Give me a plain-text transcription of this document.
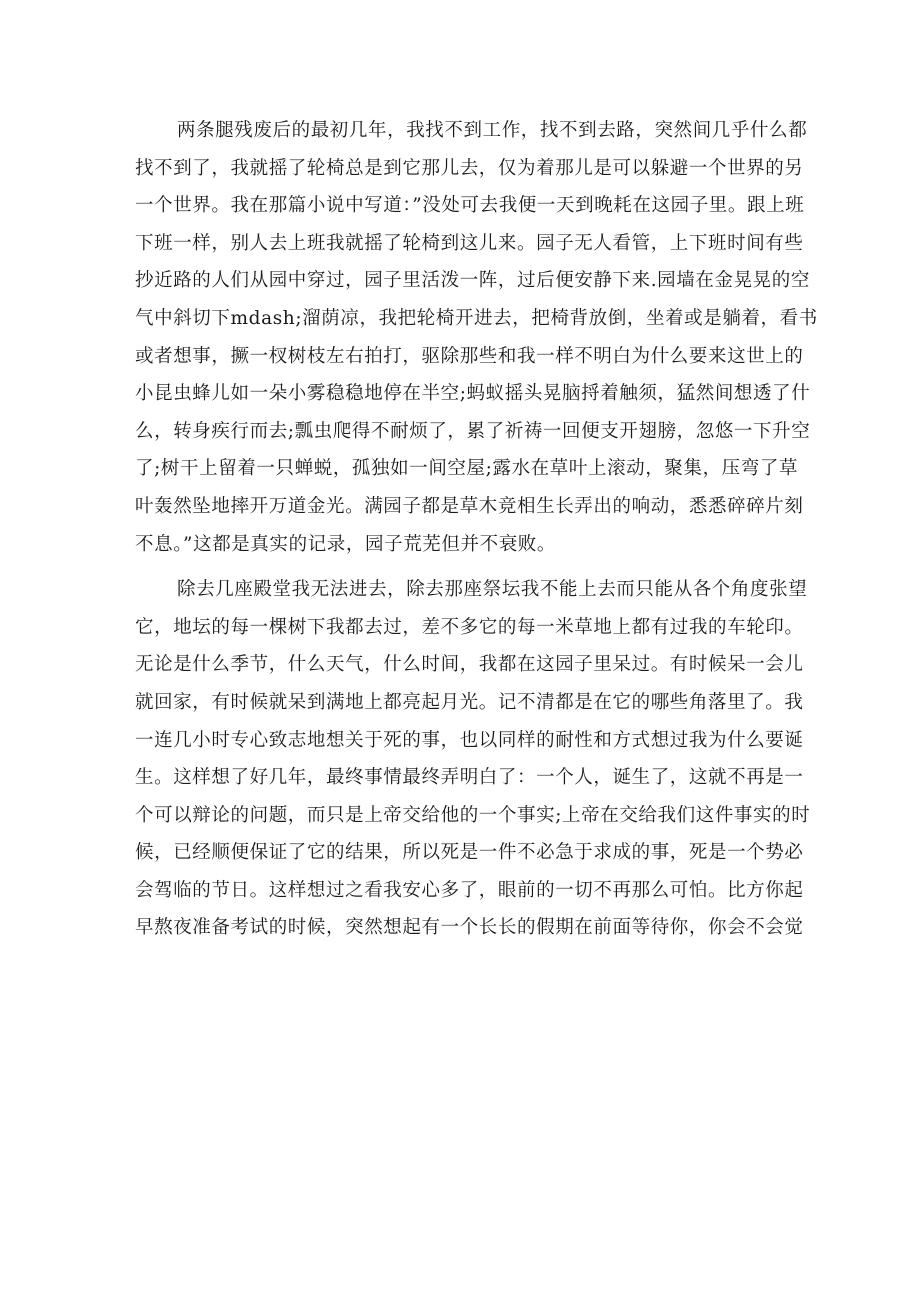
两条腿残废后的最初几年，我找不到工作，找不到去路，突然间几乎什么都
找不到了，我就摇了轮椅总是到它那儿去，仅为着那儿是可以躲避一个世界的另
一个世界。我在那篇小说中写道：”没处可去我便一天到晚耗在这园子里。跟上班
下班一样，别人去上班我就摇了轮椅到这儿来。园子无人看管，上下班时间有些
抄近路的人们从园中穿过，园子里活泼一阵，过后便安静下来.园墙在金晃晃的空
气中斜切下mdash;溜荫凉，我把轮椅开进去，把椅背放倒，坐着或是躺着，看书
或者想事，撅一杈树枝左右拍打，驱除那些和我一样不明白为什么要来这世上的
小昆虫蜂儿如一朵小雾稳稳地停在半空;蚂蚁摇头晃脑捋着触须，猛然间想透了什
么，转身疾行而去;瓢虫爬得不耐烦了，累了祈祷一回便支开翅膀，忽悠一下升空
了;树干上留着一只蝉蜕，孤独如一间空屋;露水在草叶上滚动，聚集，压弯了草
叶轰然坠地摔开万道金光。满园子都是草木竞相生长弄出的响动，悉悉碎碎片刻
不息。”这都是真实的记录，园子荒芜但并不衰败。
除去几座殿堂我无法进去，除去那座祭坛我不能上去而只能从各个角度张望
它，地坛的每一棵树下我都去过，差不多它的每一米草地上都有过我的车轮印。
无论是什么季节，什么天气，什么时间，我都在这园子里呆过。有时候呆一会儿
就回家，有时候就呆到满地上都亮起月光。记不清都是在它的哪些角落里了。我
一连几小时专心致志地想关于死的事，也以同样的耐性和方式想过我为什么要诞
生。这样想了好几年，最终事情最终弄明白了：一个人，诞生了，这就不再是一
个可以辩论的问题，而只是上帝交给他的一个事实;上帝在交给我们这件事实的时
候，已经顺便保证了它的结果，所以死是一件不必急于求成的事，死是一个势必
会驾临的节日。这样想过之看我安心多了，眼前的一切不再那么可怕。比方你起
早熬夜准备考试的时候，突然想起有一个长长的假期在前面等待你，你会不会觉
